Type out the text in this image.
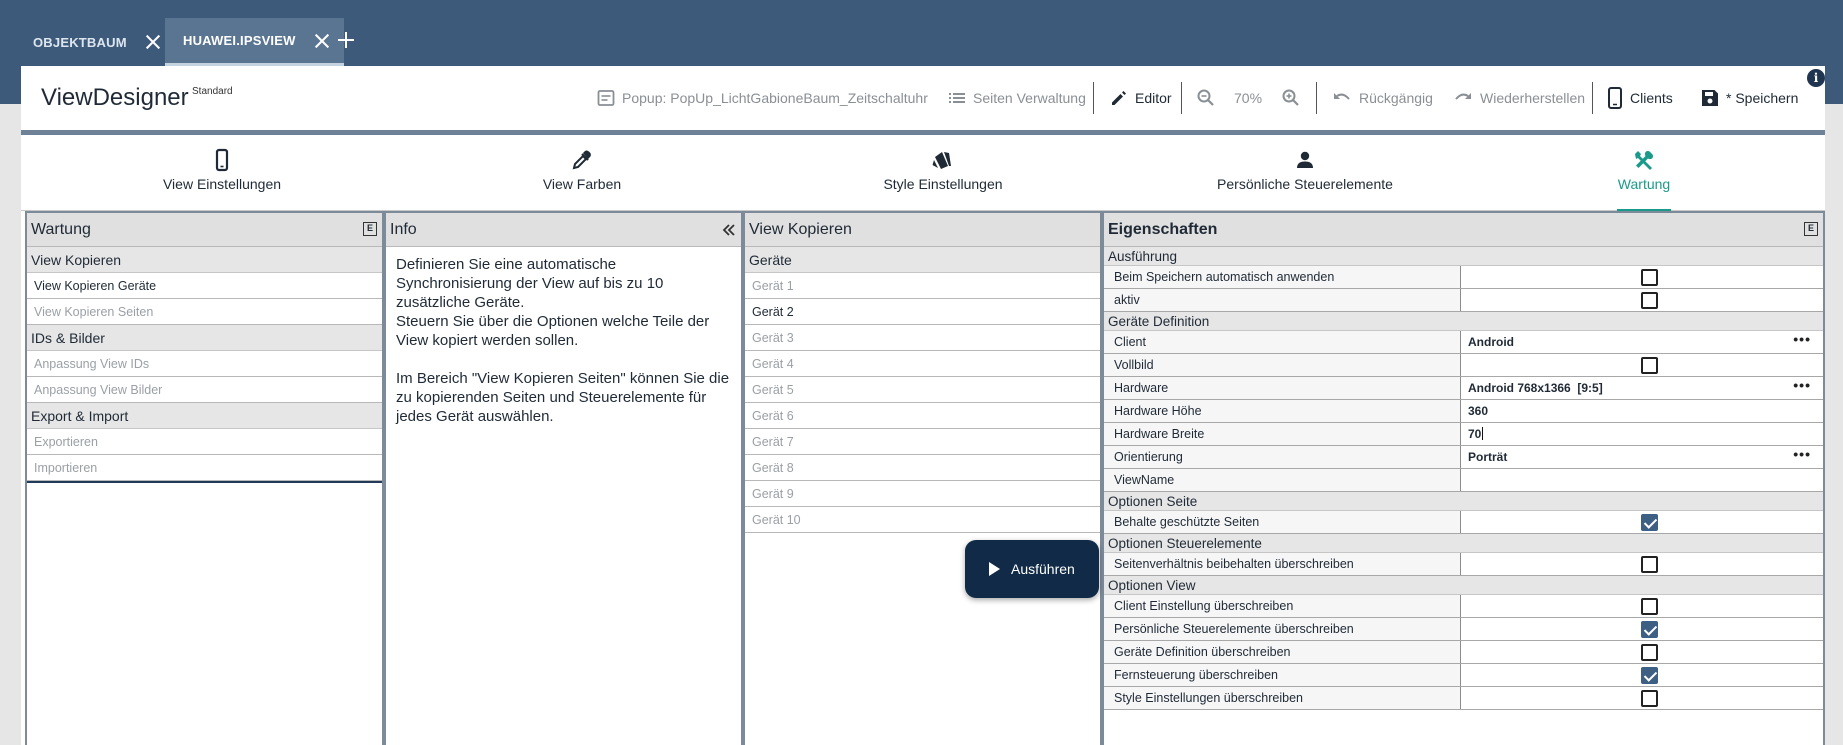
OBJEKTBAUM	HUAWEI.IPSVIEW
ViewDesigner Standard
i
Popup: PopUp_LichtGabioneBaum_Zeitschaltuhr	Seiten Verwaltung	Editor	70%	Rückgängig	Wiederherstellen	Clients	* Speichern
View Einstellungen	View Farben	Style Einstellungen	Persönliche Steuerelemente	Wartung
Wartung	E
View Kopieren
View Kopieren Geräte
View Kopieren Seiten
IDs & Bilder
Anpassung View IDs
Anpassung View Bilder
Export & Import
Exportieren
Importieren
Info
Definieren Sie eine automatische Synchronisierung der View auf bis zu 10 zusätzliche Geräte.
Steuern Sie über die Optionen welche Teile der View kopiert werden sollen.

Im Bereich "View Kopieren Seiten" können Sie die zu kopierenden Seiten und Steuerelemente für jedes Gerät auswählen.
View Kopieren
Geräte
Gerät 1
Gerät 2
Gerät 3
Gerät 4
Gerät 5
Gerät 6
Gerät 7
Gerät 8
Gerät 9
Gerät 10
Eigenschaften	E
Ausführung
Beim Speichern automatisch anwenden
aktiv
Geräte Definition
Client	Android	•••
Vollbild
Hardware	Android 768x1366  [9:5]	•••
Hardware Höhe	360
Hardware Breite	70
Orientierung	Porträt	•••
ViewName
Optionen Seite
Behalte geschützte Seiten
Optionen Steuerelemente
Seitenverhältnis beibehalten überschreiben
Optionen View
Client Einstellung überschreiben
Persönliche Steuerelemente überschreiben
Geräte Definition überschreiben
Fernsteuerung überschreiben
Style Einstellungen überschreiben
Ausführen
